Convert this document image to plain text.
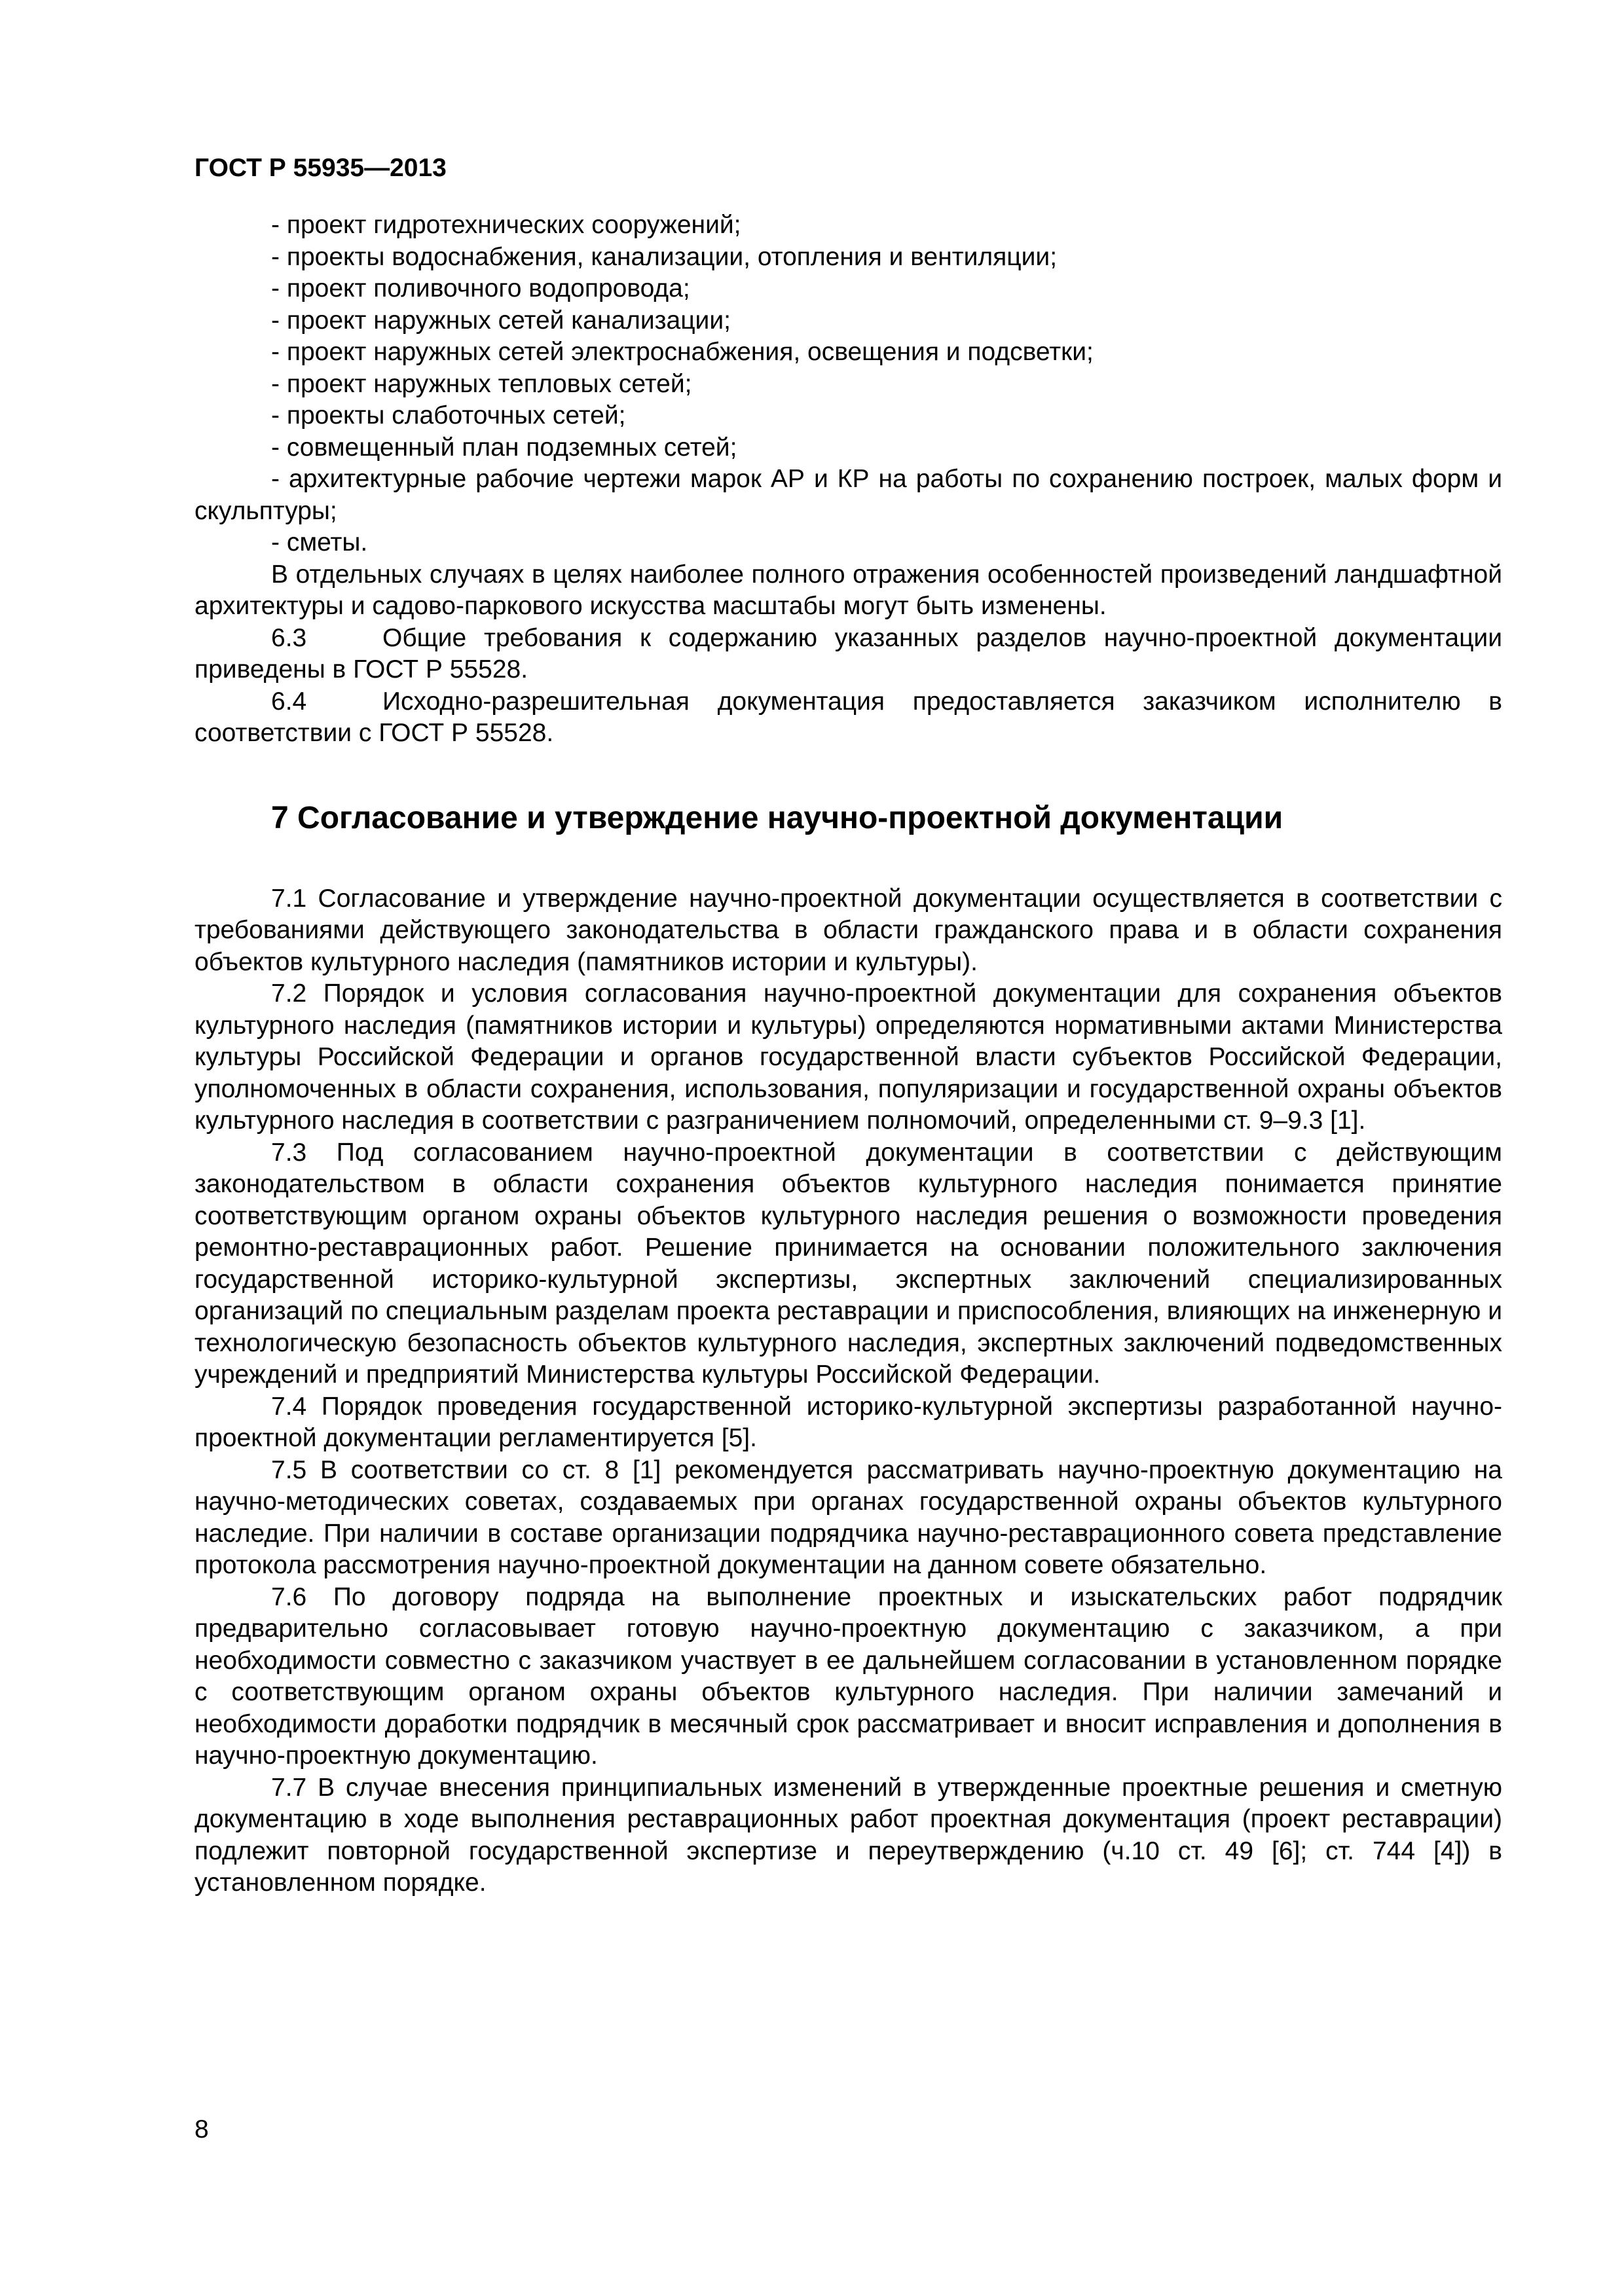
ГОСТ Р 55935—2013

- проект гидротехнических сооружений;

- проекты водоснабжения, канализации, отопления и вентиляции;

- проект поливочного водопровода;

- проект наружных сетей канализации;

- проект наружных сетей электроснабжения, освещения и подсветки;

- проект наружных тепловых сетей;

- проекты слаботочных сетей;

- совмещенный план подземных сетей;

- архитектурные рабочие чертежи марок АР и КР на работы по сохранению построек, малых форм и скульптуры;

- сметы.

В отдельных случаях в целях наиболее полного отражения особенностей произведений ландшафтной архитектуры и садово-паркового искусства масштабы могут быть изменены.

6.3	Общие требования к содержанию указанных разделов научно-проектной документации приведены в ГОСТ Р 55528.

6.4	Исходно-разрешительная документация предоставляется заказчиком исполнителю в соответствии с ГОСТ Р 55528.

7 Согласование и утверждение научно-проектной документации

7.1 Согласование и утверждение научно-проектной документации осуществляется в соответствии с требованиями действующего законодательства в области гражданского права и в области сохранения объектов культурного наследия (памятников истории и культуры).

7.2 Порядок и условия согласования научно-проектной документации для сохранения объектов культурного наследия (памятников истории и культуры) определяются нормативными актами Министерства культуры Российской Федерации и органов государственной власти субъектов Российской Федерации, уполномоченных в области сохранения, использования, популяризации и государственной охраны объектов культурного наследия в соответствии с разграничением полномочий, определенными ст. 9–9.3 [1].

7.3 Под согласованием научно-проектной документации в соответствии с действующим законодательством в области сохранения объектов культурного наследия понимается принятие соответствующим органом охраны объектов культурного наследия решения о возможности проведения ремонтно-реставрационных работ. Решение принимается на основании положительного заключения государственной историко-культурной экспертизы, экспертных заключений специализированных организаций по специальным разделам проекта реставрации и приспособления, влияющих на инженерную и технологическую безопасность объектов культурного наследия, экспертных заключений подведомственных учреждений и предприятий Министерства культуры Российской Федерации.

7.4 Порядок проведения государственной историко-культурной экспертизы разработанной научно-проектной документации регламентируется [5].

7.5 В соответствии со ст. 8 [1] рекомендуется рассматривать научно-проектную документацию на научно-методических советах, создаваемых при органах государственной охраны объектов культурного наследие. При наличии в составе организации подрядчика научно-реставрационного совета представление протокола рассмотрения научно-проектной документации на данном совете обязательно.

7.6 По договору подряда на выполнение проектных и изыскательских работ подрядчик предварительно согласовывает готовую научно-проектную документацию с заказчиком, а при необходимости совместно с заказчиком участвует в ее дальнейшем согласовании в установленном порядке с соответствующим органом охраны объектов культурного наследия. При наличии замечаний и необходимости доработки подрядчик в месячный срок рассматривает и вносит исправления и дополнения в научно-проектную документацию.

7.7 В случае внесения принципиальных изменений в утвержденные проектные решения и сметную документацию в ходе выполнения реставрационных работ проектная документация (проект реставрации) подлежит повторной государственной экспертизе и переутверждению (ч.10 ст. 49 [6]; ст. 744 [4]) в установленном порядке.

8
